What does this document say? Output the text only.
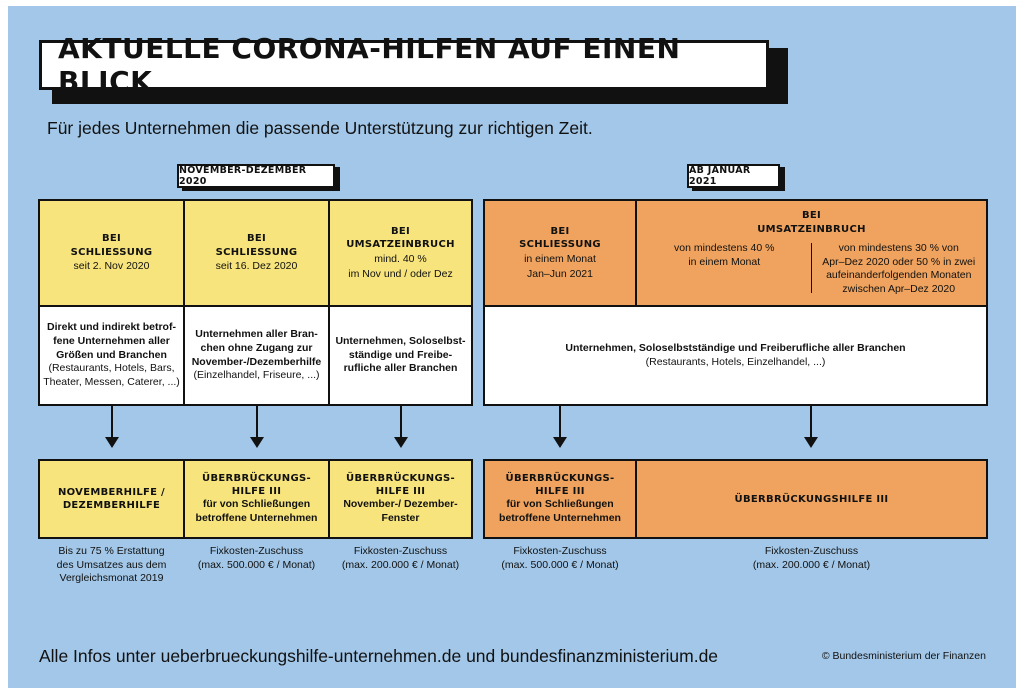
AKTUELLE CORONA-HILFEN AUF EINEN BLICK
Für jedes Unternehmen die passende Unterstützung zur richtigen Zeit.
NOVEMBER-DEZEMBER 2020
AB JANUAR 2021
BEI
SCHLIESSUNG
seit 2. Nov 2020
BEI
SCHLIESSUNG
seit 16. Dez 2020
BEI
UMSATZEINBRUCH
mind. 40 %
im Nov und / oder Dez
BEI
SCHLIESSUNG
in einem Monat
Jan–Jun 2021
BEI
UMSATZEINBRUCH
von mindestens 40 %
in einem Monat
von mindestens 30 % von
Apr–Dez 2020 oder 50 % in zwei
aufeinanderfolgenden Monaten
zwischen Apr–Dez 2020
Direkt und indirekt betrof-
fene Unternehmen aller
Größen und Branchen
(Restaurants, Hotels, Bars,
Theater, Messen, Caterer, ...)
Unternehmen aller Bran-
chen ohne Zugang zur
November-/Dezemberhilfe
(Einzelhandel, Friseure, ...)
Unternehmen, Soloselbst-
ständige und Freibe-
rufliche aller Branchen
Unternehmen, Soloselbstständige und Freiberufliche aller Branchen
(Restaurants, Hotels, Einzelhandel, ...)
NOVEMBERHILFE /
DEZEMBERHILFE
ÜBERBRÜCKUNGS-
HILFE III
für von Schließungen
betroffene Unternehmen
ÜBERBRÜCKUNGS-
HILFE III
November-/ Dezember-
Fenster
ÜBERBRÜCKUNGS-
HILFE III
für von Schließungen
betroffene Unternehmen
ÜBERBRÜCKUNGSHILFE III
Bis zu 75 % Erstattung
des Umsatzes aus dem
Vergleichsmonat 2019
Fixkosten-Zuschuss
(max. 500.000 € / Monat)
Fixkosten-Zuschuss
(max. 200.000 € / Monat)
Fixkosten-Zuschuss
(max. 500.000 € / Monat)
Fixkosten-Zuschuss
(max. 200.000 € / Monat)
Alle Infos unter ueberbrueckungshilfe-unternehmen.de und bundesfinanzministerium.de	© Bundesministerium der Finanzen
